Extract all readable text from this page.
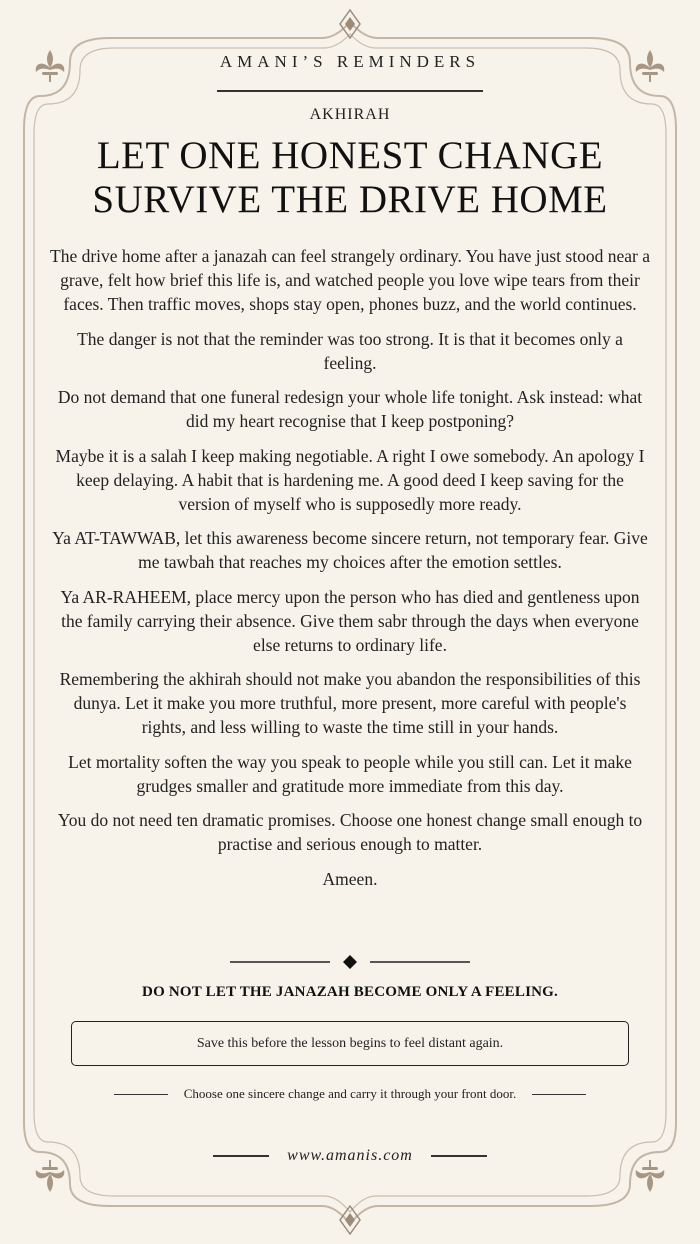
AMANI’S REMINDERS
AKHIRAH
LET ONE HONEST CHANGE SURVIVE THE DRIVE HOME

The drive home after a janazah can feel strangely ordinary. You have just stood near a grave, felt how brief this life is, and watched people you love wipe tears from their faces. Then traffic moves, shops stay open, phones buzz, and the world continues.

The danger is not that the reminder was too strong. It is that it becomes only a feeling.

Do not demand that one funeral redesign your whole life tonight. Ask instead: what did my heart recognise that I keep postponing?

Maybe it is a salah I keep making negotiable. A right I owe somebody. An apology I keep delaying. A habit that is hardening me. A good deed I keep saving for the version of myself who is supposedly more ready.

Ya AT-TAWWAB, let this awareness become sincere return, not temporary fear. Give me tawbah that reaches my choices after the emotion settles.

Ya AR-RAHEEM, place mercy upon the person who has died and gentleness upon the family carrying their absence. Give them sabr through the days when everyone else returns to ordinary life.

Remembering the akhirah should not make you abandon the responsibilities of this dunya. Let it make you more truthful, more present, more careful with people's rights, and less willing to waste the time still in your hands.

Let mortality soften the way you speak to people while you still can. Let it make grudges smaller and gratitude more immediate from this day.

You do not need ten dramatic promises. Choose one honest change small enough to practise and serious enough to matter.

Ameen.

DO NOT LET THE JANAZAH BECOME ONLY A FEELING.
Save this before the lesson begins to feel distant again.
Choose one sincere change and carry it through your front door.
www.amanis.com
